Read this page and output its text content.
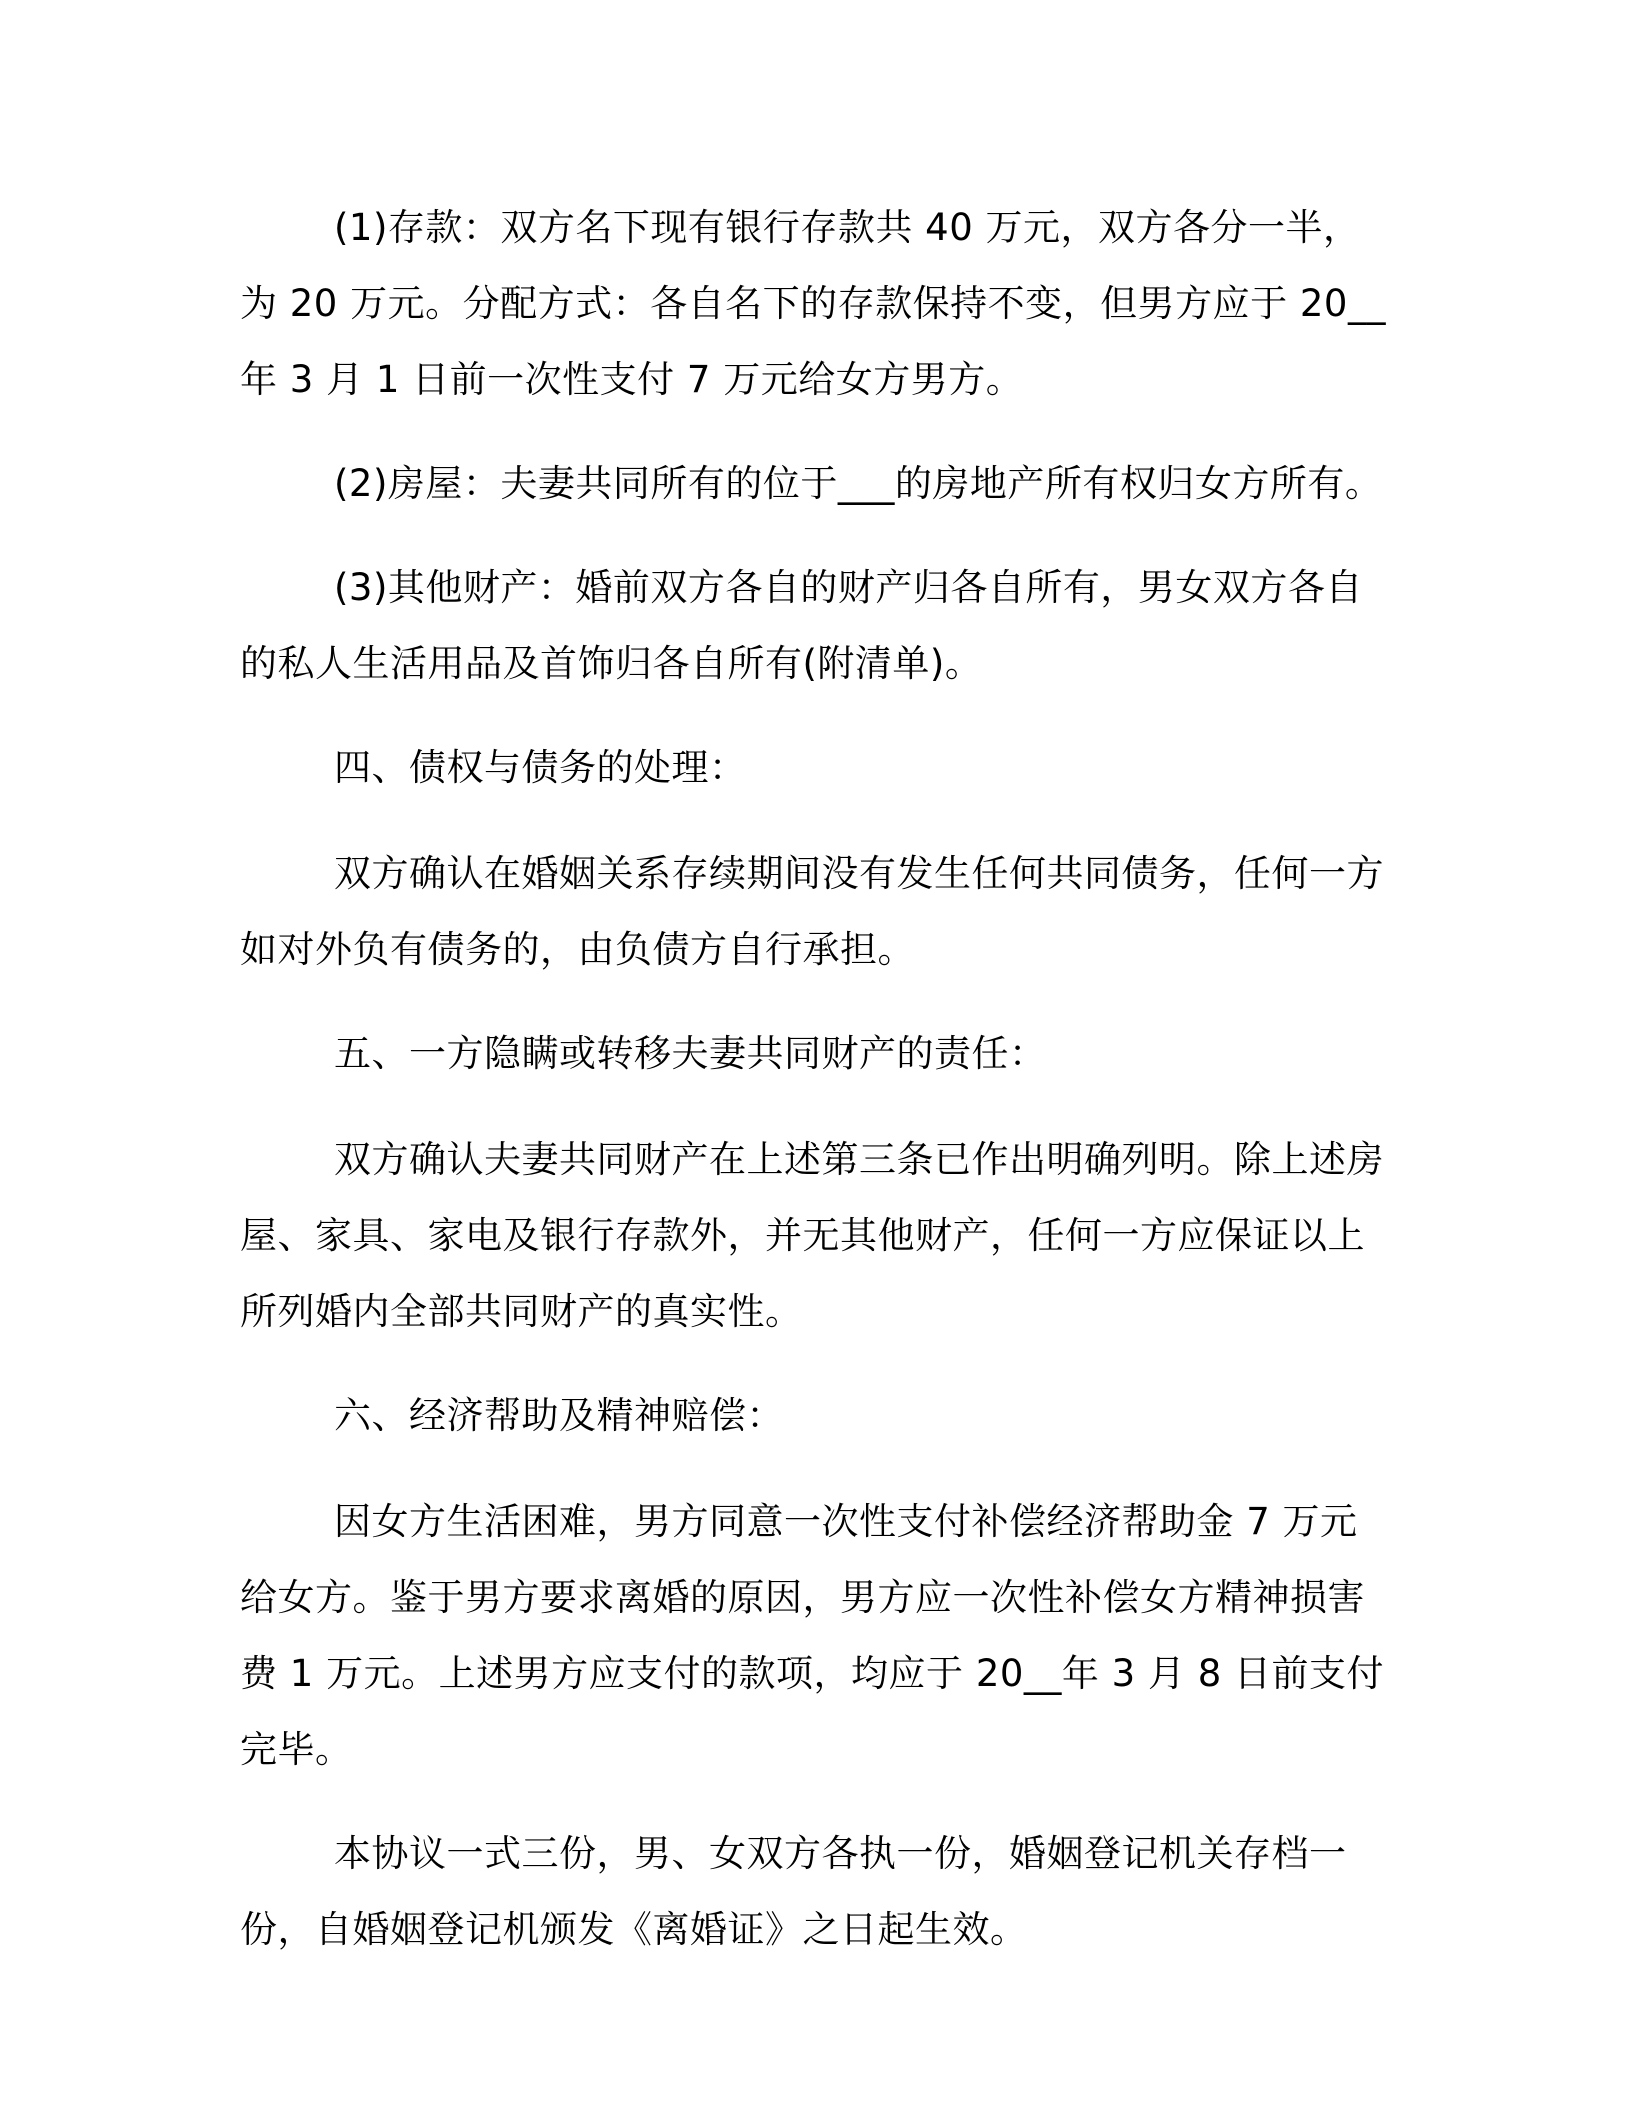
(1)存款：双方名下现有银行存款共 40 万元，双方各分一半，为 20 万元。分配方式：各自名下的存款保持不变，但男方应于 20__年 3 月 1 日前一次性支付 7 万元给女方男方。

(2)房屋：夫妻共同所有的位于___的房地产所有权归女方所有。

(3)其他财产：婚前双方各自的财产归各自所有，男女双方各自的私人生活用品及首饰归各自所有(附清单)。

四、债权与债务的处理：

双方确认在婚姻关系存续期间没有发生任何共同债务，任何一方如对外负有债务的，由负债方自行承担。

五、一方隐瞒或转移夫妻共同财产的责任：

双方确认夫妻共同财产在上述第三条已作出明确列明。除上述房屋、家具、家电及银行存款外，并无其他财产，任何一方应保证以上所列婚内全部共同财产的真实性。

六、经济帮助及精神赔偿：

因女方生活困难，男方同意一次性支付补偿经济帮助金 7 万元给女方。鉴于男方要求离婚的原因，男方应一次性补偿女方精神损害费 1 万元。上述男方应支付的款项，均应于 20__年 3 月 8 日前支付完毕。

本协议一式三份，男、女双方各执一份，婚姻登记机关存档一份，自婚姻登记机颁发《离婚证》之日起生效。
